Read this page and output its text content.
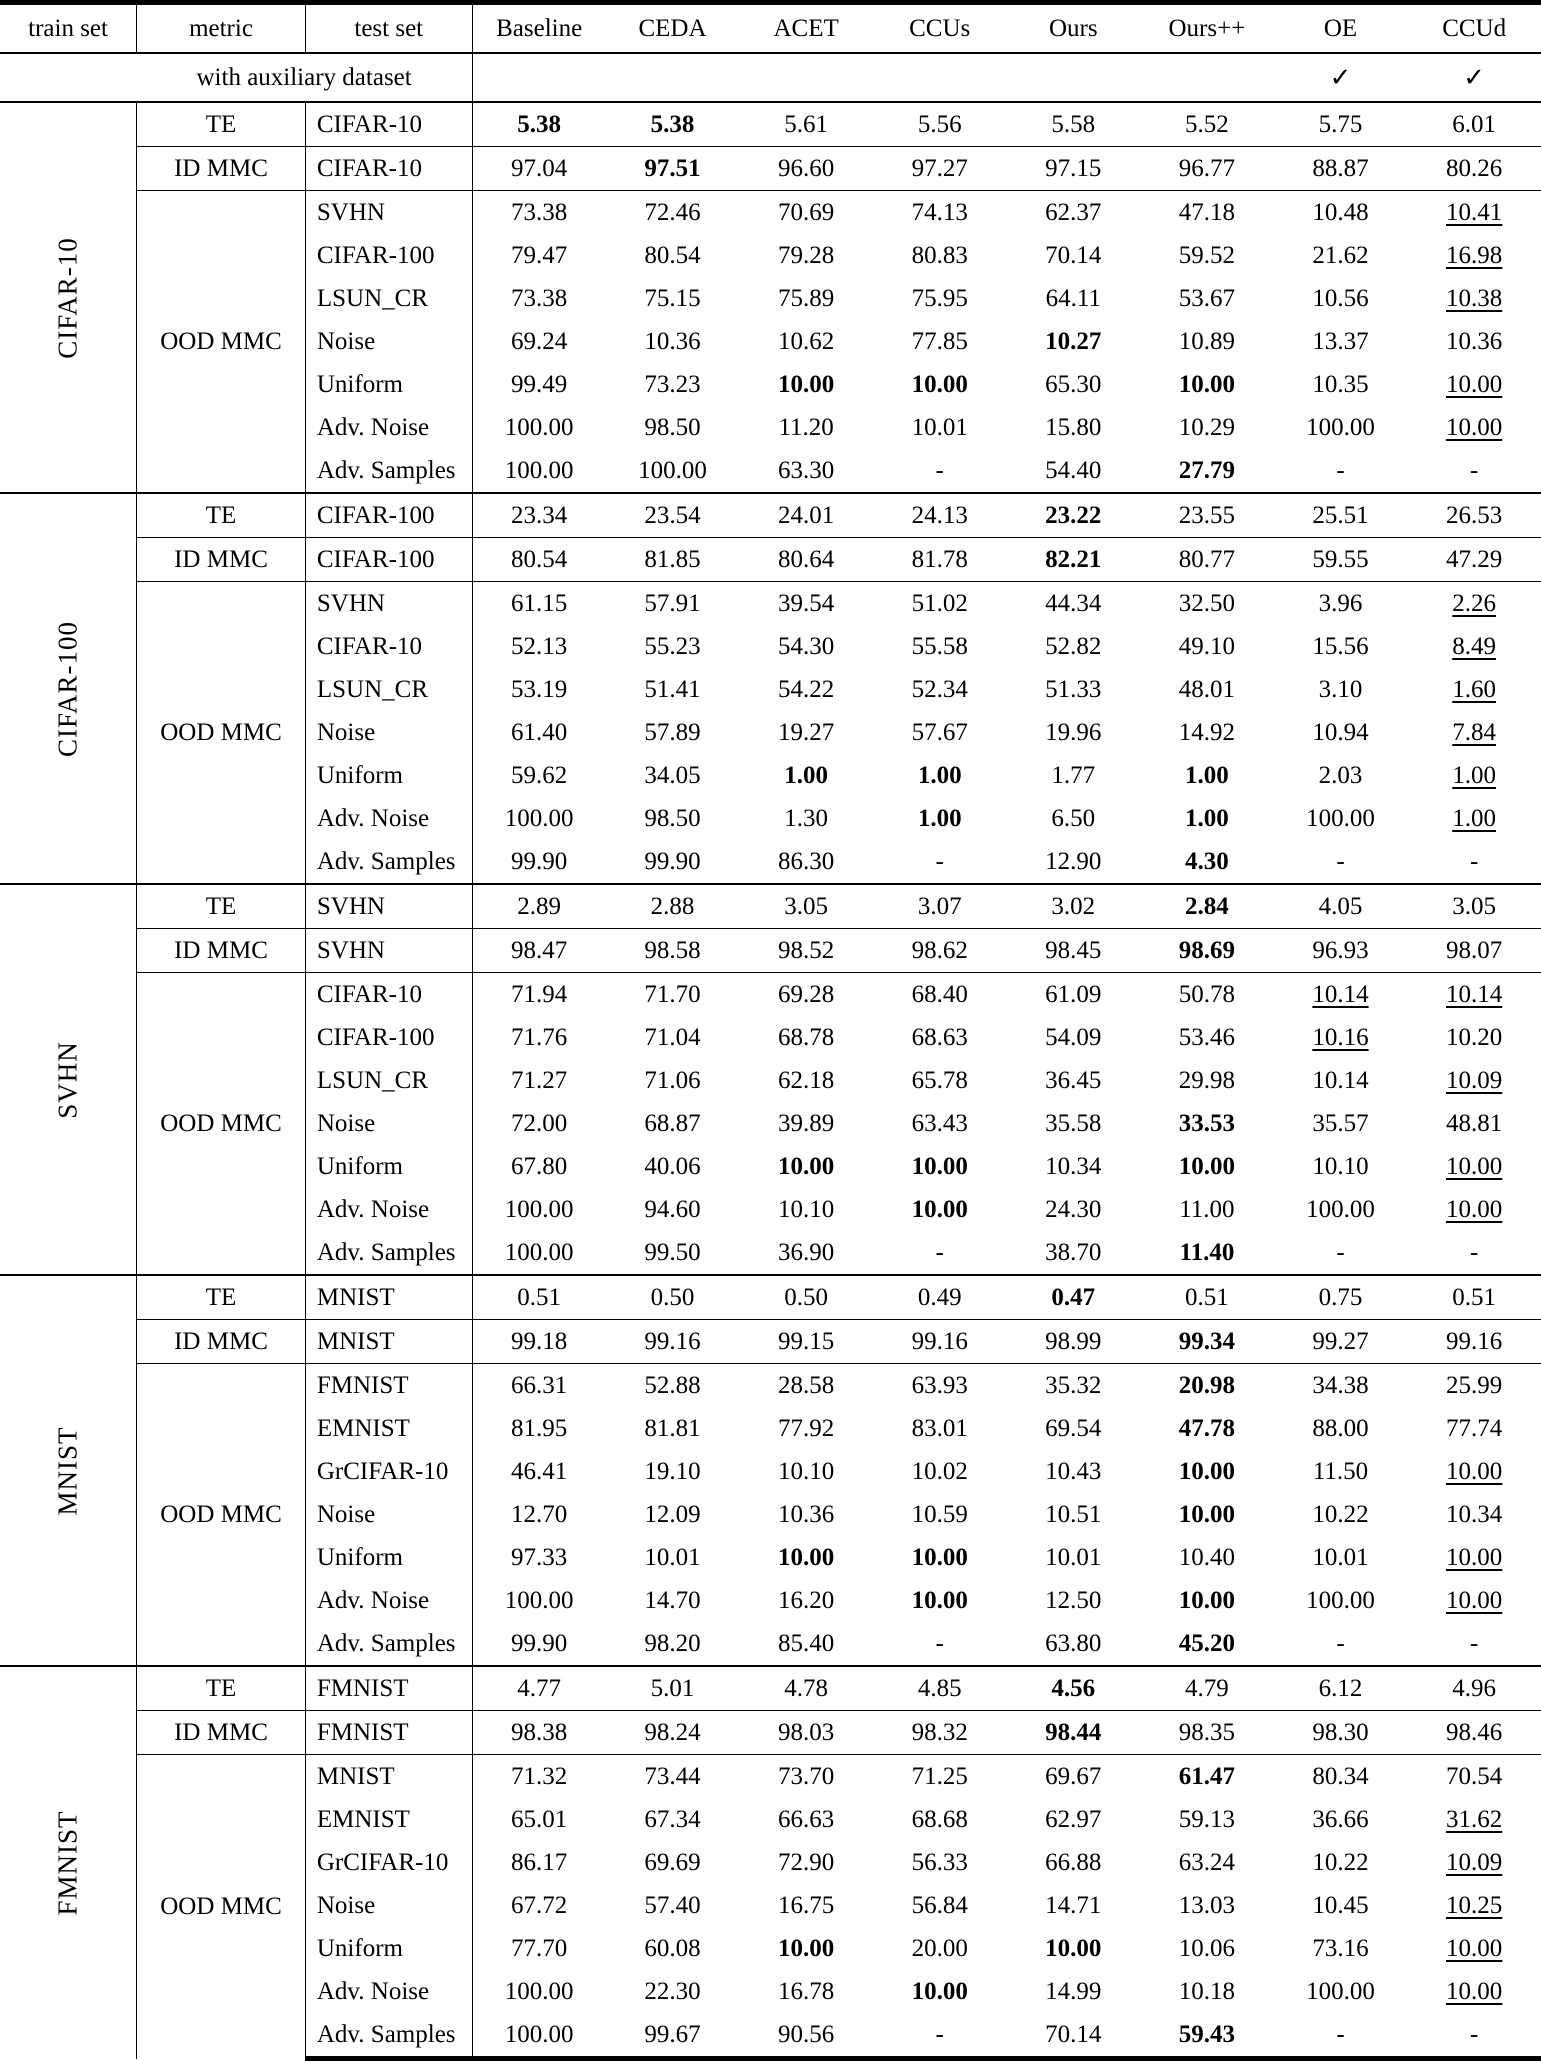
train set	metric	test set	Baseline	CEDA	ACET	CCUs	Ours	Ours++	OE	CCUd

	with auxiliary dataset								✓	✓

CIFAR-10	TE	CIFAR-10	5.38	5.38	5.61	5.56	5.58	5.52	5.75	6.01

	ID MMC	CIFAR-10	97.04	97.51	96.60	97.27	97.15	96.77	88.87	80.26

	OOD MMC	SVHN	73.38	72.46	70.69	74.13	62.37	47.18	10.48	10.41

		CIFAR-100	79.47	80.54	79.28	80.83	70.14	59.52	21.62	16.98

		LSUN_CR	73.38	75.15	75.89	75.95	64.11	53.67	10.56	10.38

		Noise	69.24	10.36	10.62	77.85	10.27	10.89	13.37	10.36

		Uniform	99.49	73.23	10.00	10.00	65.30	10.00	10.35	10.00

		Adv. Noise	100.00	98.50	11.20	10.01	15.80	10.29	100.00	10.00

		Adv. Samples	100.00	100.00	63.30	-	54.40	27.79	-	-

CIFAR-100	TE	CIFAR-100	23.34	23.54	24.01	24.13	23.22	23.55	25.51	26.53

	ID MMC	CIFAR-100	80.54	81.85	80.64	81.78	82.21	80.77	59.55	47.29

	OOD MMC	SVHN	61.15	57.91	39.54	51.02	44.34	32.50	3.96	2.26

		CIFAR-10	52.13	55.23	54.30	55.58	52.82	49.10	15.56	8.49

		LSUN_CR	53.19	51.41	54.22	52.34	51.33	48.01	3.10	1.60

		Noise	61.40	57.89	19.27	57.67	19.96	14.92	10.94	7.84

		Uniform	59.62	34.05	1.00	1.00	1.77	1.00	2.03	1.00

		Adv. Noise	100.00	98.50	1.30	1.00	6.50	1.00	100.00	1.00

		Adv. Samples	99.90	99.90	86.30	-	12.90	4.30	-	-

SVHN	TE	SVHN	2.89	2.88	3.05	3.07	3.02	2.84	4.05	3.05

	ID MMC	SVHN	98.47	98.58	98.52	98.62	98.45	98.69	96.93	98.07

	OOD MMC	CIFAR-10	71.94	71.70	69.28	68.40	61.09	50.78	10.14	10.14

		CIFAR-100	71.76	71.04	68.78	68.63	54.09	53.46	10.16	10.20

		LSUN_CR	71.27	71.06	62.18	65.78	36.45	29.98	10.14	10.09

		Noise	72.00	68.87	39.89	63.43	35.58	33.53	35.57	48.81

		Uniform	67.80	40.06	10.00	10.00	10.34	10.00	10.10	10.00

		Adv. Noise	100.00	94.60	10.10	10.00	24.30	11.00	100.00	10.00

		Adv. Samples	100.00	99.50	36.90	-	38.70	11.40	-	-

MNIST	TE	MNIST	0.51	0.50	0.50	0.49	0.47	0.51	0.75	0.51

	ID MMC	MNIST	99.18	99.16	99.15	99.16	98.99	99.34	99.27	99.16

	OOD MMC	FMNIST	66.31	52.88	28.58	63.93	35.32	20.98	34.38	25.99

		EMNIST	81.95	81.81	77.92	83.01	69.54	47.78	88.00	77.74

		GrCIFAR-10	46.41	19.10	10.10	10.02	10.43	10.00	11.50	10.00

		Noise	12.70	12.09	10.36	10.59	10.51	10.00	10.22	10.34

		Uniform	97.33	10.01	10.00	10.00	10.01	10.40	10.01	10.00

		Adv. Noise	100.00	14.70	16.20	10.00	12.50	10.00	100.00	10.00

		Adv. Samples	99.90	98.20	85.40	-	63.80	45.20	-	-

FMNIST	TE	FMNIST	4.77	5.01	4.78	4.85	4.56	4.79	6.12	4.96

	ID MMC	FMNIST	98.38	98.24	98.03	98.32	98.44	98.35	98.30	98.46

	OOD MMC	MNIST	71.32	73.44	73.70	71.25	69.67	61.47	80.34	70.54

		EMNIST	65.01	67.34	66.63	68.68	62.97	59.13	36.66	31.62

		GrCIFAR-10	86.17	69.69	72.90	56.33	66.88	63.24	10.22	10.09

		Noise	67.72	57.40	16.75	56.84	14.71	13.03	10.45	10.25

		Uniform	77.70	60.08	10.00	20.00	10.00	10.06	73.16	10.00

		Adv. Noise	100.00	22.30	16.78	10.00	14.99	10.18	100.00	10.00

		Adv. Samples	100.00	99.67	90.56	-	70.14	59.43	-	-
